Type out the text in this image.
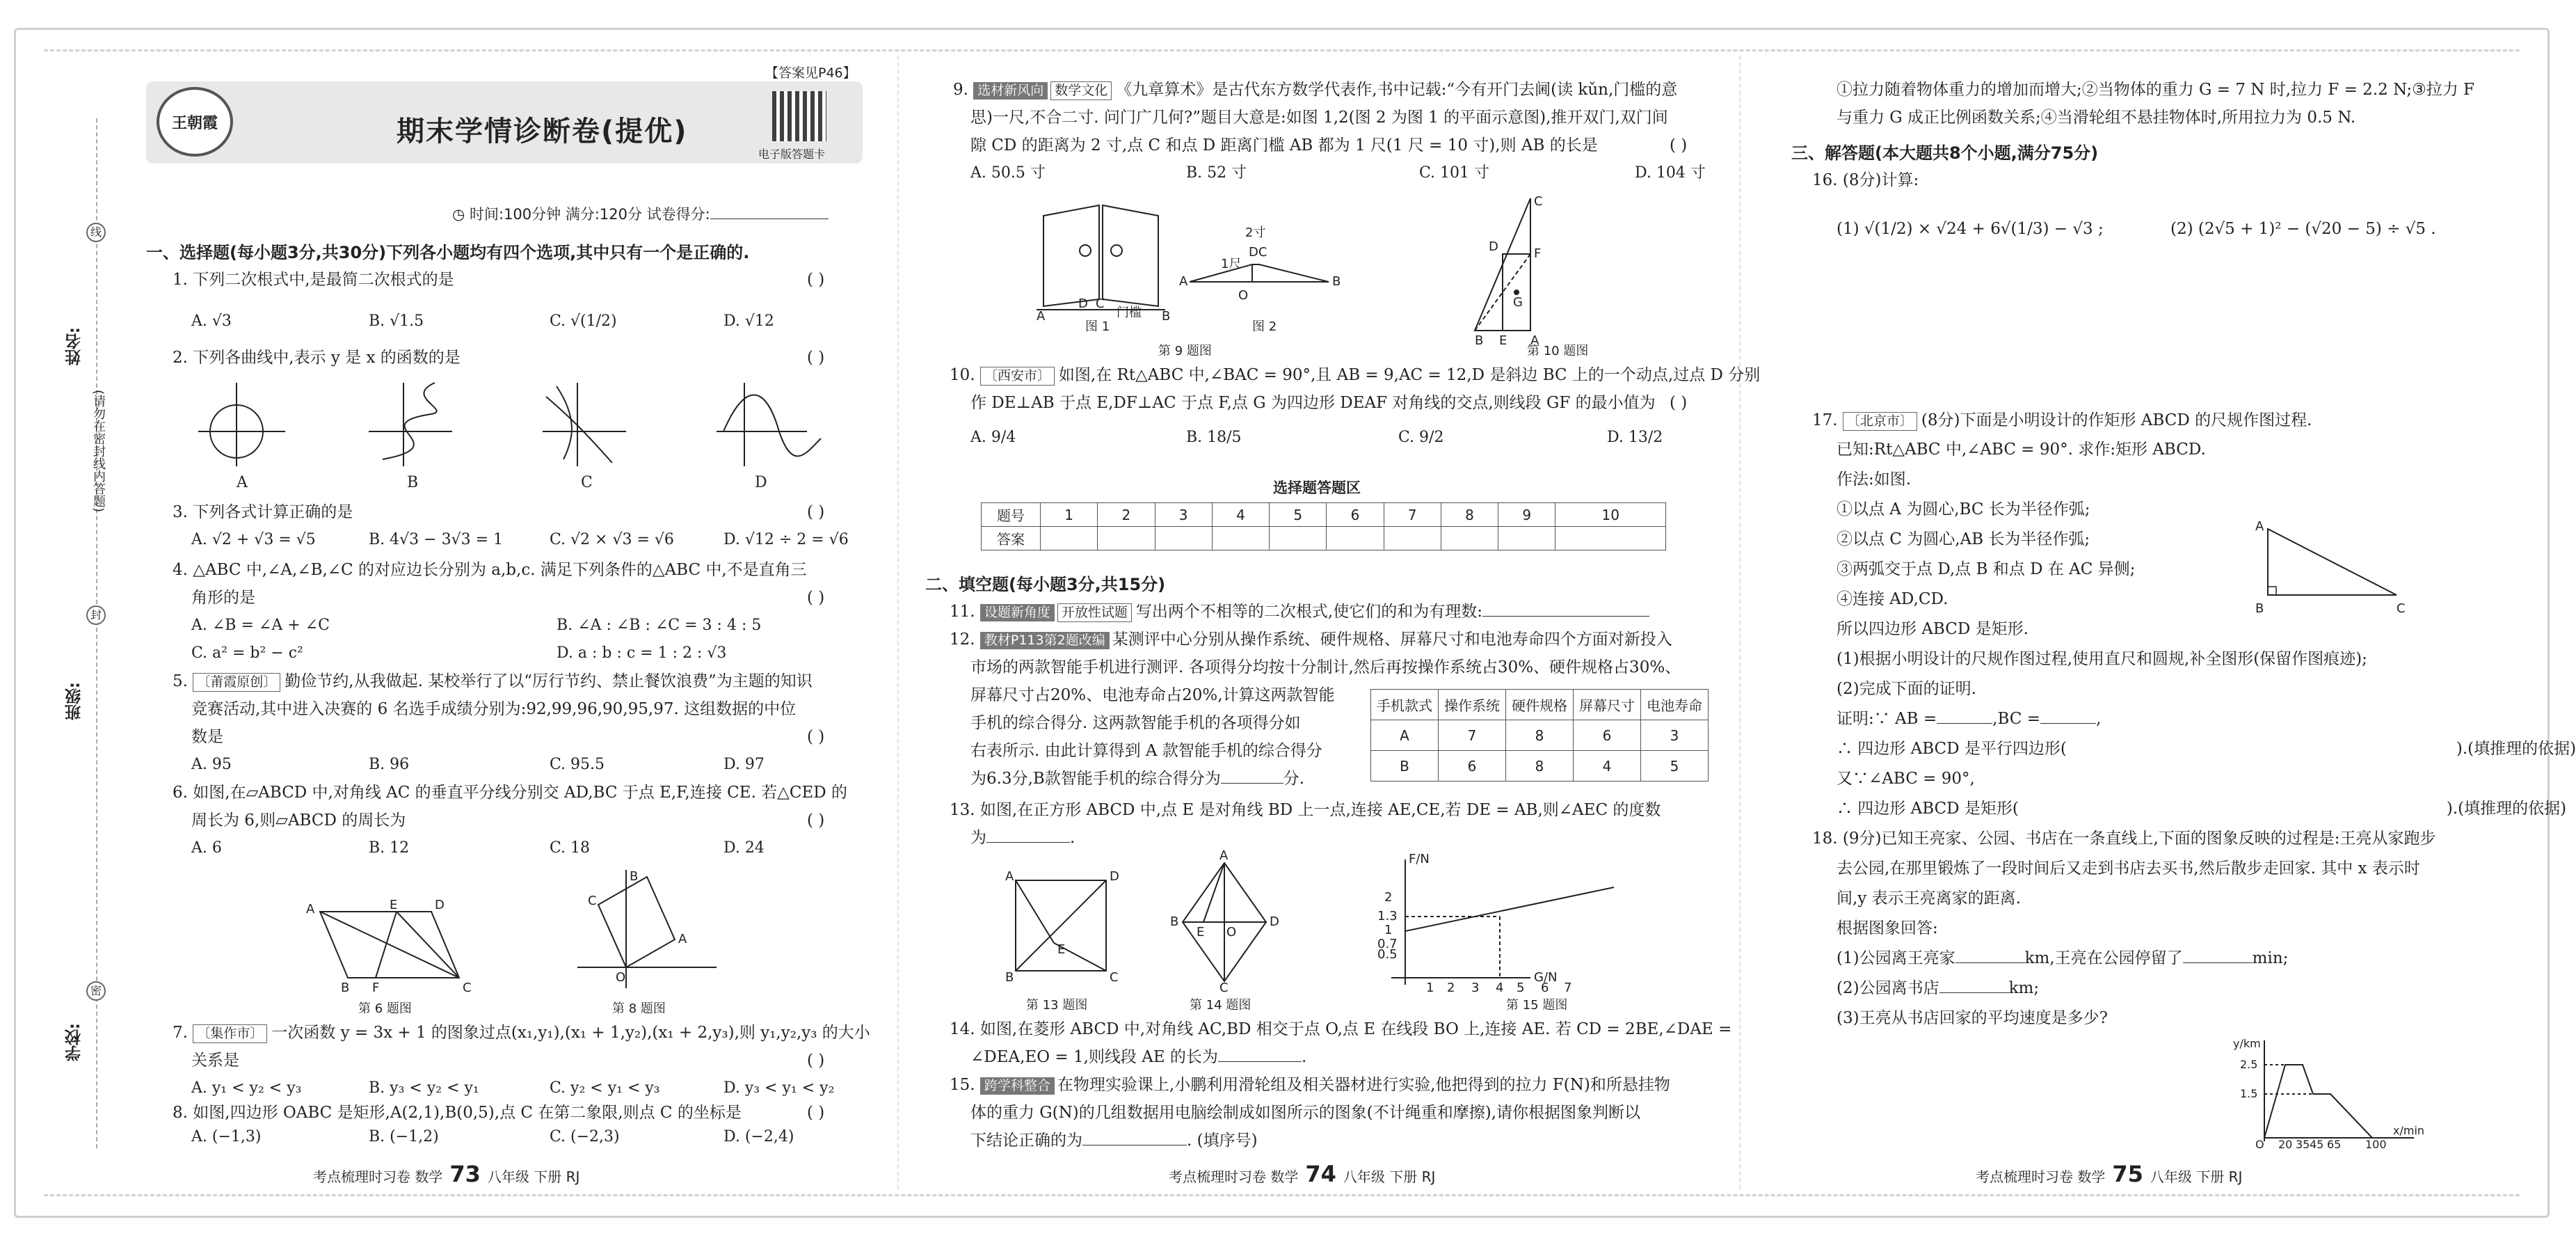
线
封
密
姓名:
班级:
学校:
(请勿在密封线内答题)
【答案见P46】
王朝霞	期末学情诊断卷(提优)
电子版答题卡
◷ 时间:100分钟 满分:120分 试卷得分:
一、选择题(每小题3分,共30分)下列各小题均有四个选项,其中只有一个是正确的.
1. 下列二次根式中,是最简二次根式的是	( )
A. √3	B. √1.5	C. √(1/2)	D. √12
2. 下列各曲线中,表示 y 是 x 的函数的是	( )
A	B	C	D
3. 下列各式计算正确的是	( )
A. √2 + √3 = √5	B. 4√3 − 3√3 = 1	C. √2 × √3 = √6	D. √12 ÷ 2 = √6
4. △ABC 中,∠A,∠B,∠C 的对应边长分别为 a,b,c. 满足下列条件的△ABC 中,不是直角三
角形的是	( )
A. ∠B = ∠A + ∠C	B. ∠A : ∠B : ∠C = 3 : 4 : 5
C. a² = b² − c²	D. a : b : c = 1 : 2 : √3
5. 〔莆霞原创〕 勤俭节约,从我做起. 某校举行了以“厉行节约、禁止餐饮浪费”为主题的知识
竞赛活动,其中进入决赛的 6 名选手成绩分别为:92,99,96,90,95,97. 这组数据的中位
数是	( )
A. 95	B. 96	C. 95.5	D. 97
6. 如图,在▱ABCD 中,对角线 AC 的垂直平分线分别交 AD,BC 于点 E,F,连接 CE. 若△CED 的
周长为 6,则▱ABCD 的周长为	( )
A. 6	B. 12	C. 18	D. 24
A	D
E
B F	C
B
A
C
O
第 6 题图	第 8 题图
7. 〔集作市〕 一次函数 y = 3x + 1 的图象过点(x₁,y₁),(x₁ + 1,y₂),(x₁ + 2,y₃),则 y₁,y₂,y₃ 的大小
关系是	( )
A. y₁ < y₂ < y₃	B. y₃ < y₂ < y₁	C. y₂ < y₁ < y₃	D. y₃ < y₁ < y₂
8. 如图,四边形 OABC 是矩形,A(2,1),B(0,5),点 C 在第二象限,则点 C 的坐标是	( )
A. (−1,3)	B. (−1,2)	C. (−2,3)	D. (−2,4)
考点梳理时习卷 数学 73 八年级 下册 RJ
9. 选材新风向 数学文化 《九章算术》是古代东方数学代表作,书中记载:“今有开门去阃(读 kǔn,门槛的意
思)一尺,不合二寸. 问门广几何?”题目大意是:如图 1,2(图 2 为图 1 的平面示意图),推开双门,双门间
隙 CD 的距离为 2 寸,点 C 和点 D 距离门槛 AB 都为 1 尺(1 尺 = 10 寸),则 AB 的长是	( )
A. 50.5 寸	B. 52 寸	C. 101 寸	D. 104 寸
A
D C
B
2寸
DC
1尺
A
O
B
C
D	F
G
B E A
图 1
门槛
图 2
第 9 题图	第 10 题图
10. 〔西安市〕 如图,在 Rt△ABC 中,∠BAC = 90°,且 AB = 9,AC = 12,D 是斜边 BC 上的一个动点,过点 D 分别
作 DE⊥AB 于点 E,DF⊥AC 于点 F,点 G 为四边形 DEAF 对角线的交点,则线段 GF 的最小值为 ( )
A. 9/4	B. 18/5	C. 9/2	D. 13/2
选择题答题区
题号	1	2	3	4	5	6	7	8	9	10
答案										
二、填空题(每小题3分,共15分)
11. 设题新角度 开放性试题 写出两个不相等的二次根式,使它们的和为有理数:
12. 教材P113第2题改编 某测评中心分别从操作系统、硬件规格、屏幕尺寸和电池寿命四个方面对新投入
市场的两款智能手机进行测评. 各项得分均按十分制计,然后再按操作系统占30%、硬件规格占30%、
屏幕尺寸占20%、电池寿命占20%,计算这两款智能
手机的综合得分. 这两款智能手机的各项得分如
右表所示. 由此计算得到 A 款智能手机的综合得分
为6.3分,B款智能手机的综合得分为	分.
手机款式	操作系统	硬件规格	屏幕尺寸	电池寿命
A	7	8	6	3
B	6	8	4	5
13. 如图,在正方形 ABCD 中,点 E 是对角线 BD 上一点,连接 AE,CE,若 DE = AB,则∠AEC 的度数
为	.
A	D
B	C
E
A
B	D
C
E O
F/N
G/N
2
1.3
1
0.7
0.5
1 2 3 4 5 6 7
第 13 题图	第 14 题图	第 15 题图
14. 如图,在菱形 ABCD 中,对角线 AC,BD 相交于点 O,点 E 在线段 BO 上,连接 AE. 若 CD = 2BE,∠DAE =
∠DEA,EO = 1,则线段 AE 的长为	.
15. 跨学科整合 在物理实验课上,小鹏利用滑轮组及相关器材进行实验,他把得到的拉力 F(N)和所悬挂物
体的重力 G(N)的几组数据用电脑绘制成如图所示的图象(不计绳重和摩擦),请你根据图象判断以
下结论正确的为	. (填序号)
考点梳理时习卷 数学 74 八年级 下册 RJ
①拉力随着物体重力的增加而增大;②当物体的重力 G = 7 N 时,拉力 F = 2.2 N;③拉力 F
与重力 G 成正比例函数关系;④当滑轮组不悬挂物体时,所用拉力为 0.5 N.
三、解答题(本大题共8个小题,满分75分)
16. (8分)计算:
(1) √(1/2) × √24 + 6√(1/3) − √3 ;	(2) (2√5 + 1)² − (√20 − 5) ÷ √5 .
17. 〔北京市〕 (8分)下面是小明设计的作矩形 ABCD 的尺规作图过程.
已知:Rt△ABC 中,∠ABC = 90°. 求作:矩形 ABCD.
作法:如图.
①以点 A 为圆心,BC 长为半径作弧;
②以点 C 为圆心,AB 长为半径作弧;
③两弧交于点 D,点 B 和点 D 在 AC 异侧;
④连接 AD,CD.
所以四边形 ABCD 是矩形.
A
B	C
(1)根据小明设计的尺规作图过程,使用直尺和圆规,补全图形(保留作图痕迹);
(2)完成下面的证明.
证明:∵ AB =	,BC =	,
∴ 四边形 ABCD 是平行四边形(	).(填推理的依据)
又∵∠ABC = 90°,
∴ 四边形 ABCD 是矩形(	).(填推理的依据)
18. (9分)已知王亮家、公园、书店在一条直线上,下面的图象反映的过程是:王亮从家跑步
去公园,在那里锻炼了一段时间后又走到书店去买书,然后散步走回家. 其中 x 表示时
间,y 表示王亮离家的距离.
根据图象回答:
(1)公园离王亮家	km,王亮在公园停留了	min;
(2)公园离书店	km;
(3)王亮从书店回家的平均速度是多少?
y/km
x/min
2.5
1.5
O 20 35 45 65 100
考点梳理时习卷 数学 75 八年级 下册 RJ
